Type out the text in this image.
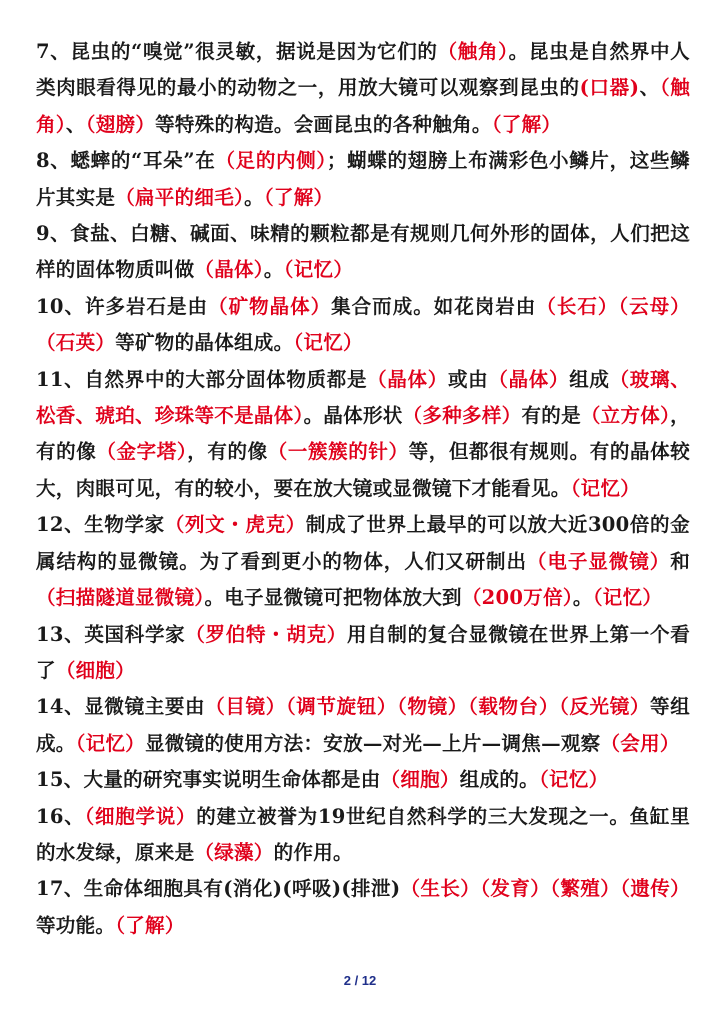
7、昆虫的“嗅觉”很灵敏，据说是因为它们的（触角）。昆虫是自然界中人类肉眼看得见的最小的动物之一，用放大镜可以观察到昆虫的(口器)、（触角）、（翅膀）等特殊的构造。会画昆虫的各种触角。（了解）

8、蟋蟀的“耳朵”在（足的内侧）；蝴蝶的翅膀上布满彩色小鳞片，这些鳞片其实是（扁平的细毛）。（了解）

9、食盐、白糖、碱面、味精的颗粒都是有规则几何外形的固体，人们把这样的固体物质叫做（晶体）。（记忆）

10、许多岩石是由（矿物晶体）集合而成。如花岗岩由（长石）（云母）（石英）等矿物的晶体组成。（记忆）

11、自然界中的大部分固体物质都是（晶体）或由（晶体）组成（玻璃、松香、琥珀、珍珠等不是晶体）。晶体形状（多种多样）有的是（立方体），有的像（金字塔），有的像（一簇簇的针）等，但都很有规则。有的晶体较大，肉眼可见，有的较小，要在放大镜或显微镜下才能看见。（记忆）

12、生物学家（列文・虎克）制成了世界上最早的可以放大近300倍的金属结构的显微镜。为了看到更小的物体，人们又研制出（电子显微镜）和（扫描隧道显微镜）。电子显微镜可把物体放大到（200万倍）。（记忆）

13、英国科学家（罗伯特・胡克）用自制的复合显微镜在世界上第一个看了（细胞）

14、显微镜主要由（目镜）（调节旋钮）（物镜）（载物台）（反光镜）等组成。（记忆）显微镜的使用方法：安放—对光—上片—调焦—观察（会用）

15、大量的研究事实说明生命体都是由（细胞）组成的。（记忆）

16、（细胞学说）的建立被誉为19世纪自然科学的三大发现之一。鱼缸里的水发绿，原来是（绿藻）的作用。

17、生命体细胞具有(消化)(呼吸)(排泄)（生长）（发育）（繁殖）（遗传）等功能。（了解）

2 / 12
